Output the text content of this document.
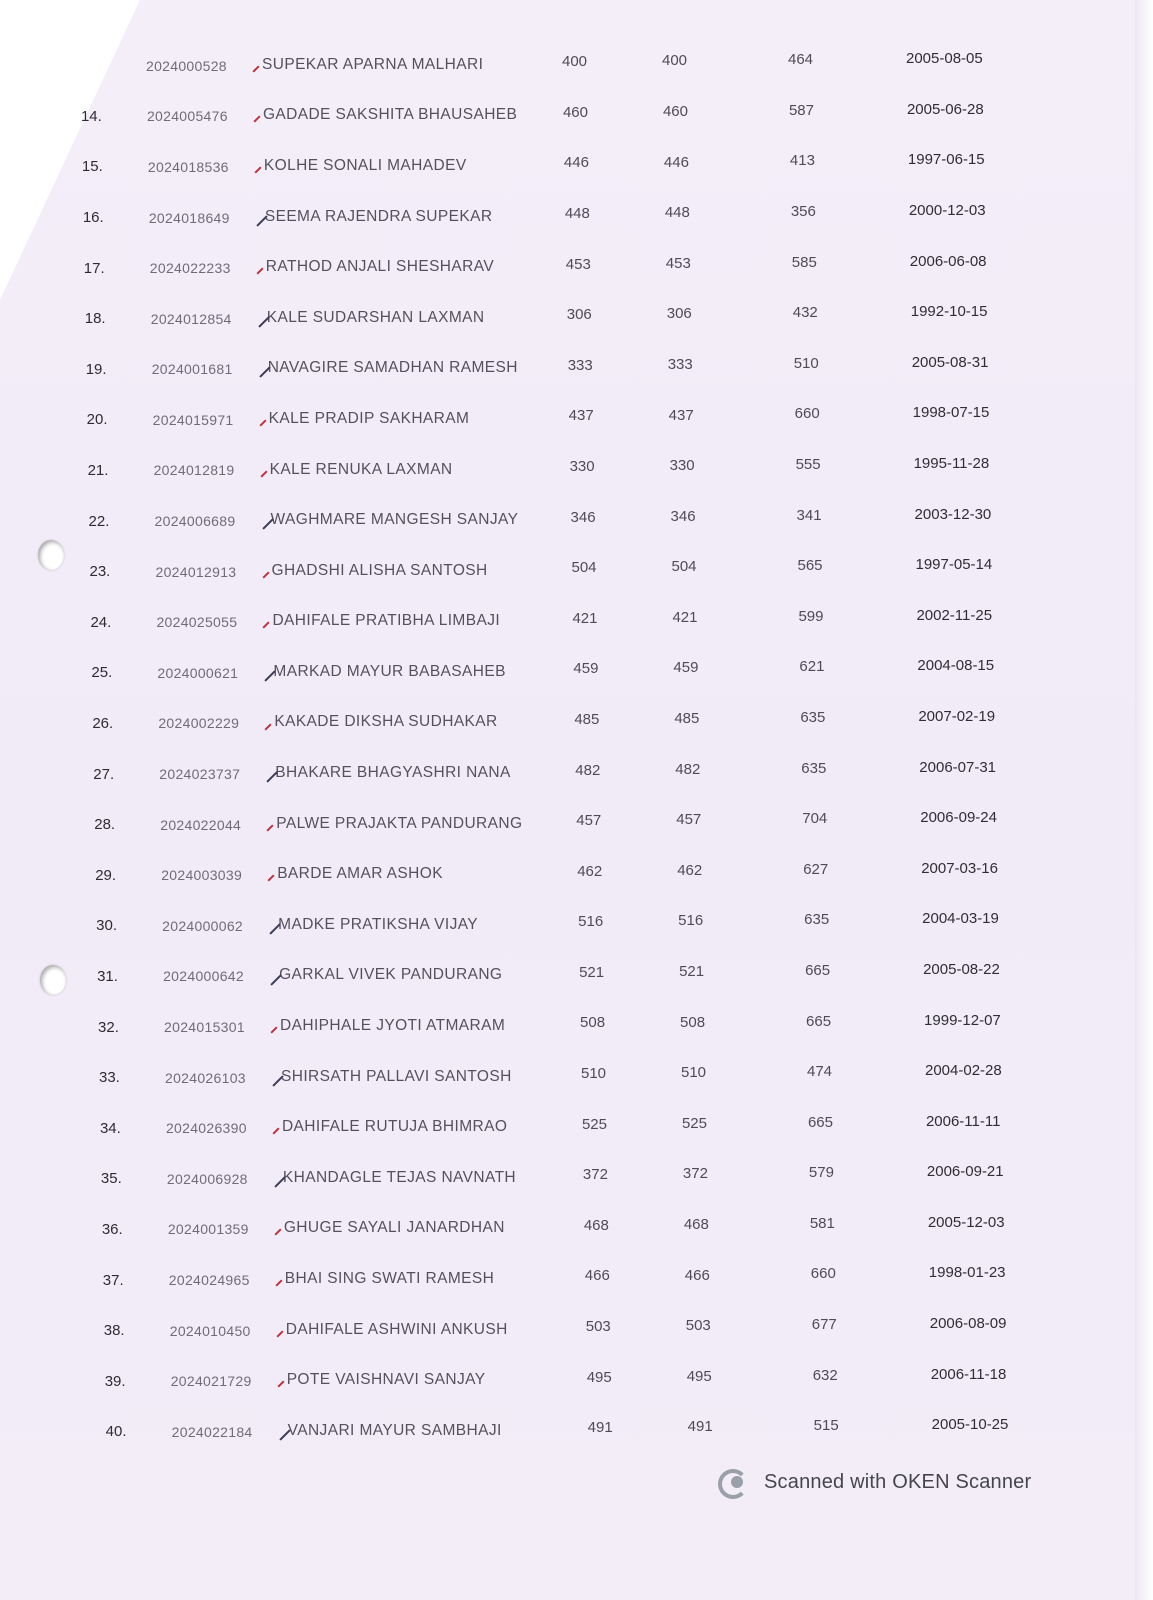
2024000528 SUPEKAR APARNA MALHARI	400	400	464	2005-08-05
14.	2024005476 GADADE SAKSHITA BHAUSAHEB	460	460	587	2005-06-28
15.	2024018536 KOLHE SONALI MAHADEV	446	446	413	1997-06-15
16.	2024018649 SEEMA RAJENDRA SUPEKAR	448	448	356	2000-12-03
17.	2024022233 RATHOD ANJALI SHESHARAV	453	453	585	2006-06-08
18.	2024012854 KALE SUDARSHAN LAXMAN	306	306	432	1992-10-15
19.	2024001681 NAVAGIRE SAMADHAN RAMESH	333	333	510	2005-08-31
20.	2024015971 KALE PRADIP SAKHARAM	437	437	660	1998-07-15
21.	2024012819 KALE RENUKA LAXMAN	330	330	555	1995-11-28
22.	2024006689 WAGHMARE MANGESH SANJAY	346	346	341	2003-12-30
23.	2024012913 GHADSHI ALISHA SANTOSH	504	504	565	1997-05-14
24.	2024025055 DAHIFALE PRATIBHA LIMBAJI	421	421	599	2002-11-25
25.	2024000621 MARKAD MAYUR BABASAHEB	459	459	621	2004-08-15
26.	2024002229 KAKADE DIKSHA SUDHAKAR	485	485	635	2007-02-19
27.	2024023737 BHAKARE BHAGYASHRI NANA	482	482	635	2006-07-31
28.	2024022044 PALWE PRAJAKTA PANDURANG	457	457	704	2006-09-24
29.	2024003039 BARDE AMAR ASHOK	462	462	627	2007-03-16
30.	2024000062 MADKE PRATIKSHA VIJAY	516	516	635	2004-03-19
31.	2024000642 GARKAL VIVEK PANDURANG	521	521	665	2005-08-22
32.	2024015301 DAHIPHALE JYOTI ATMARAM	508	508	665	1999-12-07
33.	2024026103 SHIRSATH PALLAVI SANTOSH	510	510	474	2004-02-28
34.	2024026390 DAHIFALE RUTUJA BHIMRAO	525	525	665	2006-11-11
35.	2024006928 KHANDAGLE TEJAS NAVNATH	372	372	579	2006-09-21
36.	2024001359 GHUGE SAYALI JANARDHAN	468	468	581	2005-12-03
37.	2024024965 BHAI SING SWATI RAMESH	466	466	660	1998-01-23
38.	2024010450 DAHIFALE ASHWINI ANKUSH	503	503	677	2006-08-09
39.	2024021729 POTE VAISHNAVI SANJAY	495	495	632	2006-11-18
40.	2024022184 VANJARI MAYUR SAMBHAJI	491	491	515	2005-10-25
Scanned with OKEN Scanner
